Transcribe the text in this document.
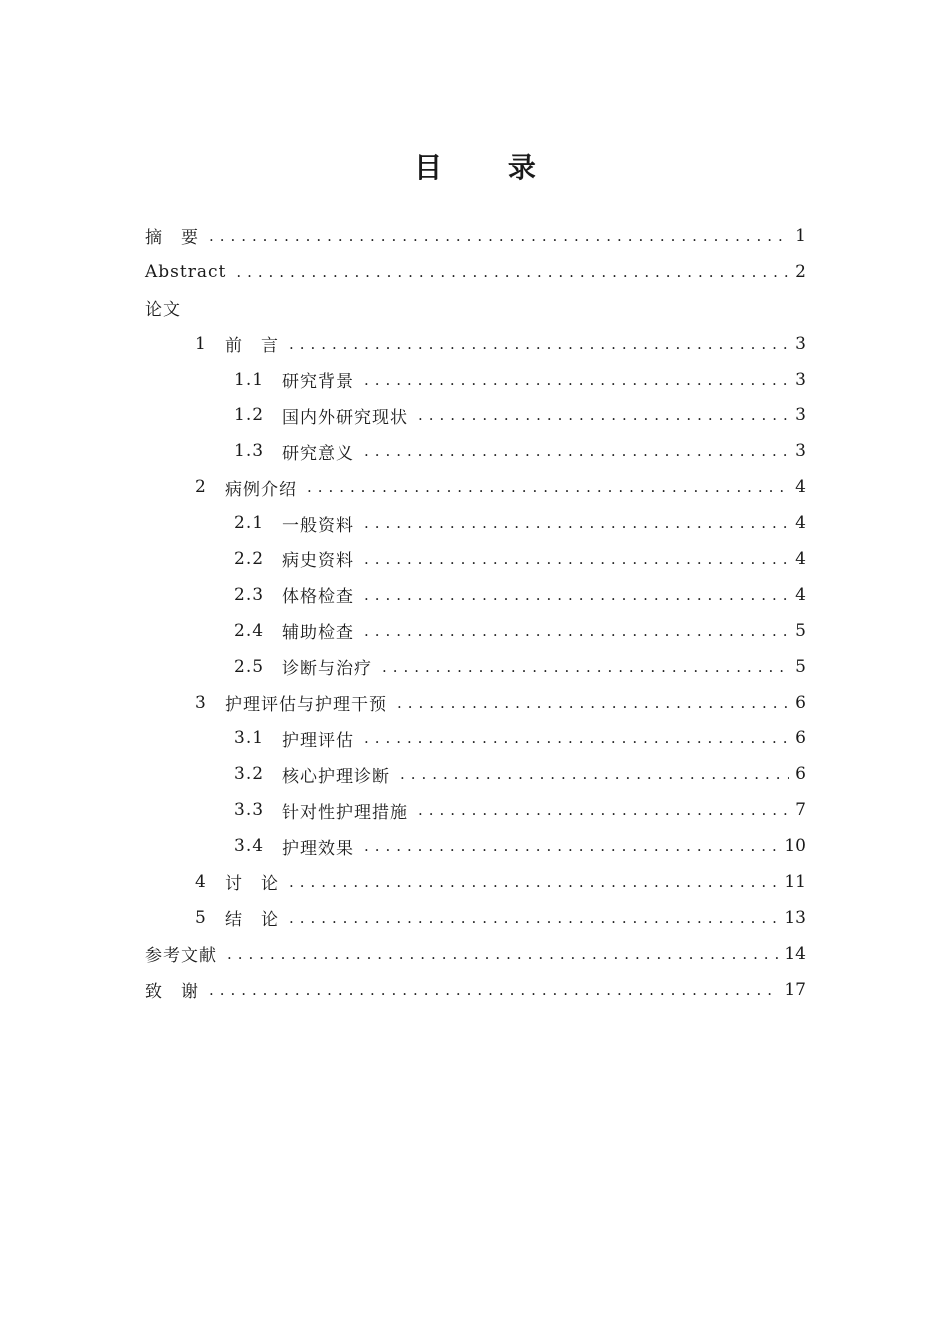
目 录
摘　要 . . .	1
Abstract . . .	2
论文
1	前　言 . . .	3
1.1	研究背景 . . .	3
1.2	国内外研究现状 . . .	3
1.3	研究意义 . . .	3
2	病例介绍 . . .	4
2.1	一般资料 . . .	4
2.2	病史资料 . . .	4
2.3	体格检查 . . .	4
2.4	辅助检查 . . .	5
2.5	诊断与治疗 . . .	5
3	护理评估与护理干预 . . .	6
3.1	护理评估 . . .	6
3.2	核心护理诊断 . . .	6
3.3	针对性护理措施 . . .	7
3.4	护理效果 . . .	10
4	讨　论 . . .	11
5	结　论 . . .	13
参考文献 . . .	14
致　谢 . . .	17
